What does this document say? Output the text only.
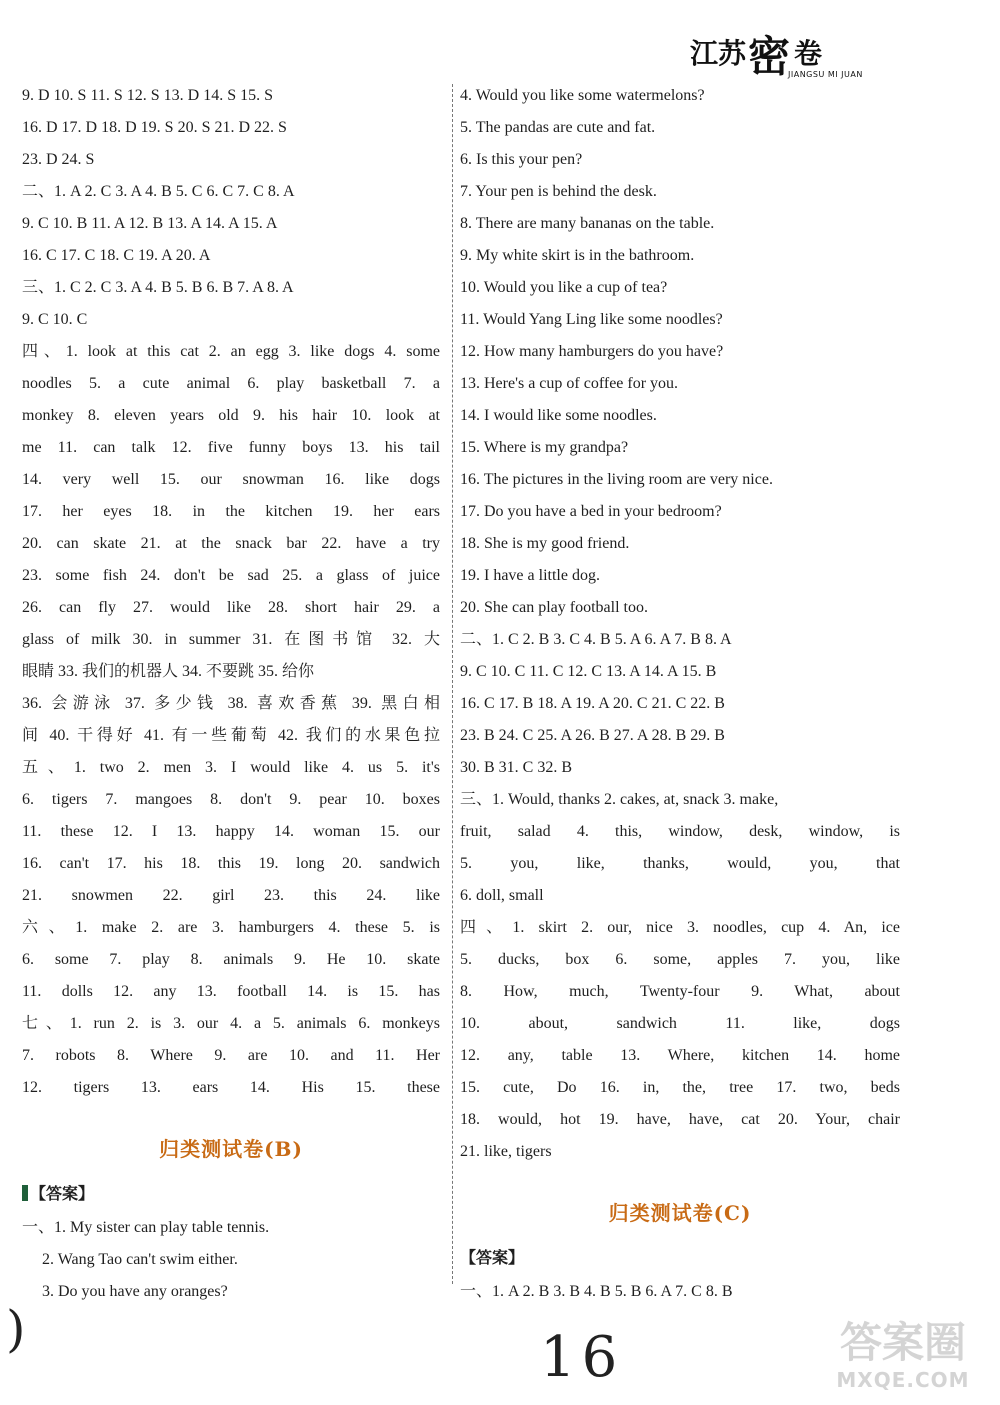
江苏 密 卷
JIANGSU MI JUAN
9. D 10. S 11. S 12. S 13. D 14. S 15. S
16. D 17. D 18. D 19. S 20. S 21. D 22. S
23. D 24. S
二、1. A 2. C 3. A 4. B 5. C 6. C 7. C 8. A
9. C 10. B 11. A 12. B 13. A 14. A 15. A
16. C 17. C 18. C 19. A 20. A
三、1. C 2. C 3. A 4. B 5. B 6. B 7. A 8. A
9. C 10. C
四、1. look at this cat 2. an egg 3. like dogs 4. some
noodles 5. a cute animal 6. play basketball 7. a
monkey 8. eleven years old 9. his hair 10. look at
me 11. can talk 12. five funny boys 13. his tail
14. very well 15. our snowman 16. like dogs
17. her eyes 18. in the kitchen 19. her ears
20. can skate 21. at the snack bar 22. have a try
23. some fish 24. don't be sad 25. a glass of juice
26. can fly 27. would like 28. short hair 29. a
glass of milk 30. in summer 31. 在图书馆 32. 大
眼睛 33. 我们的机器人 34. 不要跳 35. 给你
36. 会游泳 37. 多少钱 38. 喜欢香蕉 39. 黑白相
间 40. 干得好 41. 有一些葡萄 42. 我们的水果色拉
五、1. two 2. men 3. I would like 4. us 5. it's
6. tigers 7. mangoes 8. don't 9. pear 10. boxes
11. these 12. I 13. happy 14. woman 15. our
16. can't 17. his 18. this 19. long 20. sandwich
21. snowmen 22. girl 23. this 24. like
六、1. make 2. are 3. hamburgers 4. these 5. is
6. some 7. play 8. animals 9. He 10. skate
11. dolls 12. any 13. football 14. is 15. has
七、1. run 2. is 3. our 4. a 5. animals 6. monkeys
7. robots 8. Where 9. are 10. and 11. Her
12. tigers 13. ears 14. His 15. these
归类测试卷(B)
【答案】
一、1. My sister can play table tennis.
2. Wang Tao can't swim either.
3. Do you have any oranges?
4. Would you like some watermelons?
5. The pandas are cute and fat.
6. Is this your pen?
7. Your pen is behind the desk.
8. There are many bananas on the table.
9. My white skirt is in the bathroom.
10. Would you like a cup of tea?
11. Would Yang Ling like some noodles?
12. How many hamburgers do you have?
13. Here's a cup of coffee for you.
14. I would like some noodles.
15. Where is my grandpa?
16. The pictures in the living room are very nice.
17. Do you have a bed in your bedroom?
18. She is my good friend.
19. I have a little dog.
20. She can play football too.
二、1. C 2. B 3. C 4. B 5. A 6. A 7. B 8. A
9. C 10. C 11. C 12. C 13. A 14. A 15. B
16. C 17. B 18. A 19. A 20. C 21. C 22. B
23. B 24. C 25. A 26. B 27. A 28. B 29. B
30. B 31. C 32. B
三、1. Would, thanks 2. cakes, at, snack 3. make,
fruit, salad 4. this, window, desk, window, is
5. you, like, thanks, would, you, that
6. doll, small
四、1. skirt 2. our, nice 3. noodles, cup 4. An, ice
5. ducks, box 6. some, apples 7. you, like
8. How, much, Twenty-four 9. What, about
10. about, sandwich 11. like, dogs
12. any, table 13. Where, kitchen 14. home
15. cute, Do 16. in, the, tree 17. two, beds
18. would, hot 19. have, have, cat 20. Your, chair
21. like, tigers
归类测试卷(C)
【答案】
一、1. A 2. B 3. B 4. B 5. B 6. A 7. C 8. B
)	16	答案圈
MXQE.COM
